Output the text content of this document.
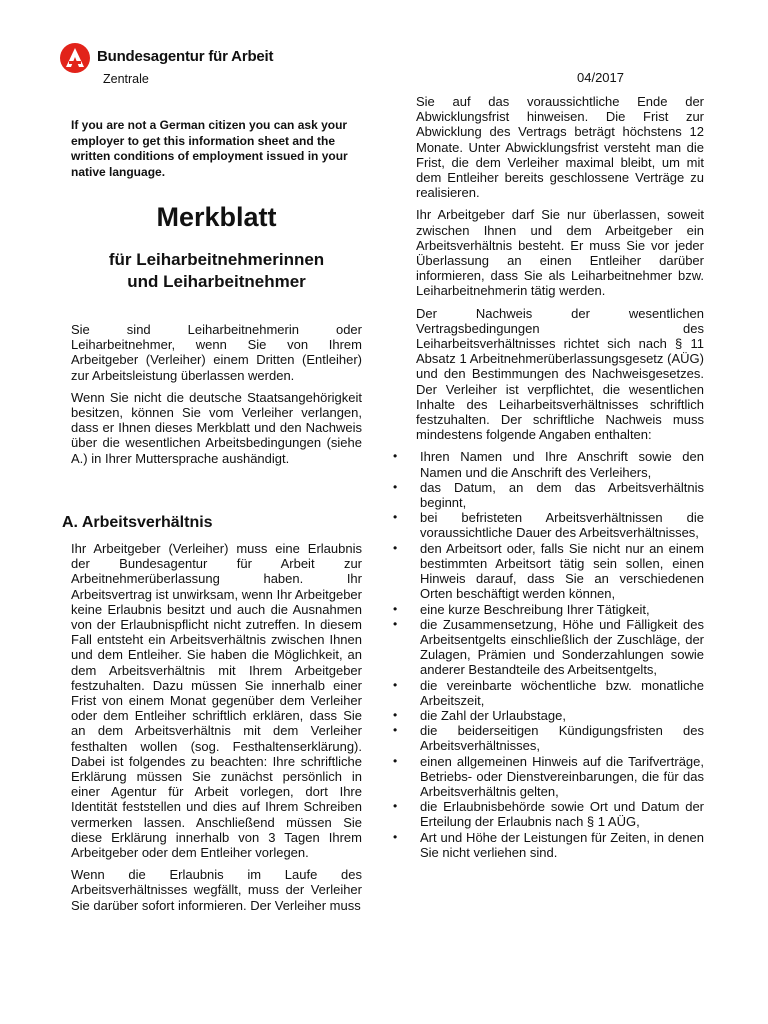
Bundesagentur für Arbeit
Zentrale	04/2017
If you are not a German citizen you can ask your employer to get this information sheet and the written conditions of employment issued in your native language.
Merkblatt
für Leiharbeitnehmerinnen
und Leiharbeitnehmer

Sie sind Leiharbeitnehmerin oder Leiharbeitnehmer, wenn Sie von Ihrem Arbeitgeber (Verleiher) einem Dritten (Entleiher) zur Arbeitsleistung überlassen werden.

Wenn Sie nicht die deutsche Staatsangehörigkeit besitzen, können Sie vom Verleiher verlangen, dass er Ihnen dieses Merkblatt und den Nachweis über die wesentlichen Arbeitsbedingungen (siehe A.) in Ihrer Muttersprache aushändigt.

A. Arbeitsverhältnis

Ihr Arbeitgeber (Verleiher) muss eine Erlaubnis der Bundesagentur für Arbeit zur Arbeitnehmerüberlassung haben. Ihr Arbeitsvertrag ist unwirksam, wenn Ihr Arbeitgeber keine Erlaubnis besitzt und auch die Ausnahmen von der Erlaubnispflicht nicht zutreffen. In diesem Fall entsteht ein Arbeitsverhältnis zwischen Ihnen und dem Entleiher. Sie haben die Möglichkeit, an dem Arbeitsverhältnis mit Ihrem Arbeitgeber festzuhalten. Dazu müssen Sie innerhalb einer Frist von einem Monat gegenüber dem Verleiher oder dem Entleiher schriftlich erklären, dass Sie an dem Arbeitsverhältnis mit dem Verleiher festhalten wollen (sog. Festhaltenserklärung). Dabei ist folgendes zu beachten: Ihre schriftliche Erklärung müssen Sie zunächst persönlich in einer Agentur für Arbeit vorlegen, dort Ihre Identität feststellen und dies auf Ihrem Schreiben vermerken lassen. Anschließend müssen Sie diese Erklärung innerhalb von 3 Tagen Ihrem Arbeitgeber oder dem Entleiher vorlegen.

Wenn die Erlaubnis im Laufe des Arbeitsverhältnisses wegfällt, muss der Verleiher Sie darüber sofort informieren. Der Verleiher muss

Sie auf das voraussichtliche Ende der Abwicklungsfrist hinweisen. Die Frist zur Abwicklung des Vertrags beträgt höchstens 12 Monate. Unter Abwicklungsfrist versteht man die Frist, die dem Verleiher maximal bleibt, um mit dem Entleiher bereits geschlossene Verträge zu realisieren.

Ihr Arbeitgeber darf Sie nur überlassen, soweit zwischen Ihnen und dem Arbeitgeber ein Arbeitsverhältnis besteht. Er muss Sie vor jeder Überlassung an einen Entleiher darüber informieren, dass Sie als Leiharbeitnehmer bzw. Leiharbeitnehmerin tätig werden.

Der Nachweis der wesentlichen Vertragsbedingungen des Leiharbeitsverhältnisses richtet sich nach § 11 Absatz 1 Arbeitnehmerüberlassungsgesetz (AÜG) und den Bestimmungen des Nachweisgesetzes. Der Verleiher ist verpflichtet, die wesentlichen Inhalte des Leiharbeitsverhältnisses schriftlich festzuhalten. Der schriftliche Nachweis muss mindestens folgende Angaben enthalten:

• Ihren Namen und Ihre Anschrift sowie den Namen und die Anschrift des Verleihers,
• das Datum, an dem das Arbeitsverhältnis beginnt,
• bei befristeten Arbeitsverhältnissen die voraussichtliche Dauer des Arbeitsverhältnisses,
• den Arbeitsort oder, falls Sie nicht nur an einem bestimmten Arbeitsort tätig sein sollen, einen Hinweis darauf, dass Sie an verschiedenen Orten beschäftigt werden können,
• eine kurze Beschreibung Ihrer Tätigkeit,
• die Zusammensetzung, Höhe und Fälligkeit des Arbeitsentgelts einschließlich der Zuschläge, der Zulagen, Prämien und Sonderzahlungen sowie anderer Bestandteile des Arbeitsentgelts,
• die vereinbarte wöchentliche bzw. monatliche Arbeitszeit,
• die Zahl der Urlaubstage,
• die beiderseitigen Kündigungsfristen des Arbeitsverhältnisses,
• einen allgemeinen Hinweis auf die Tarifverträge, Betriebs- oder Dienstvereinbarungen, die für das Arbeitsverhältnis gelten,
• die Erlaubnisbehörde sowie Ort und Datum der Erteilung der Erlaubnis nach § 1 AÜG,
• Art und Höhe der Leistungen für Zeiten, in denen Sie nicht verliehen sind.
